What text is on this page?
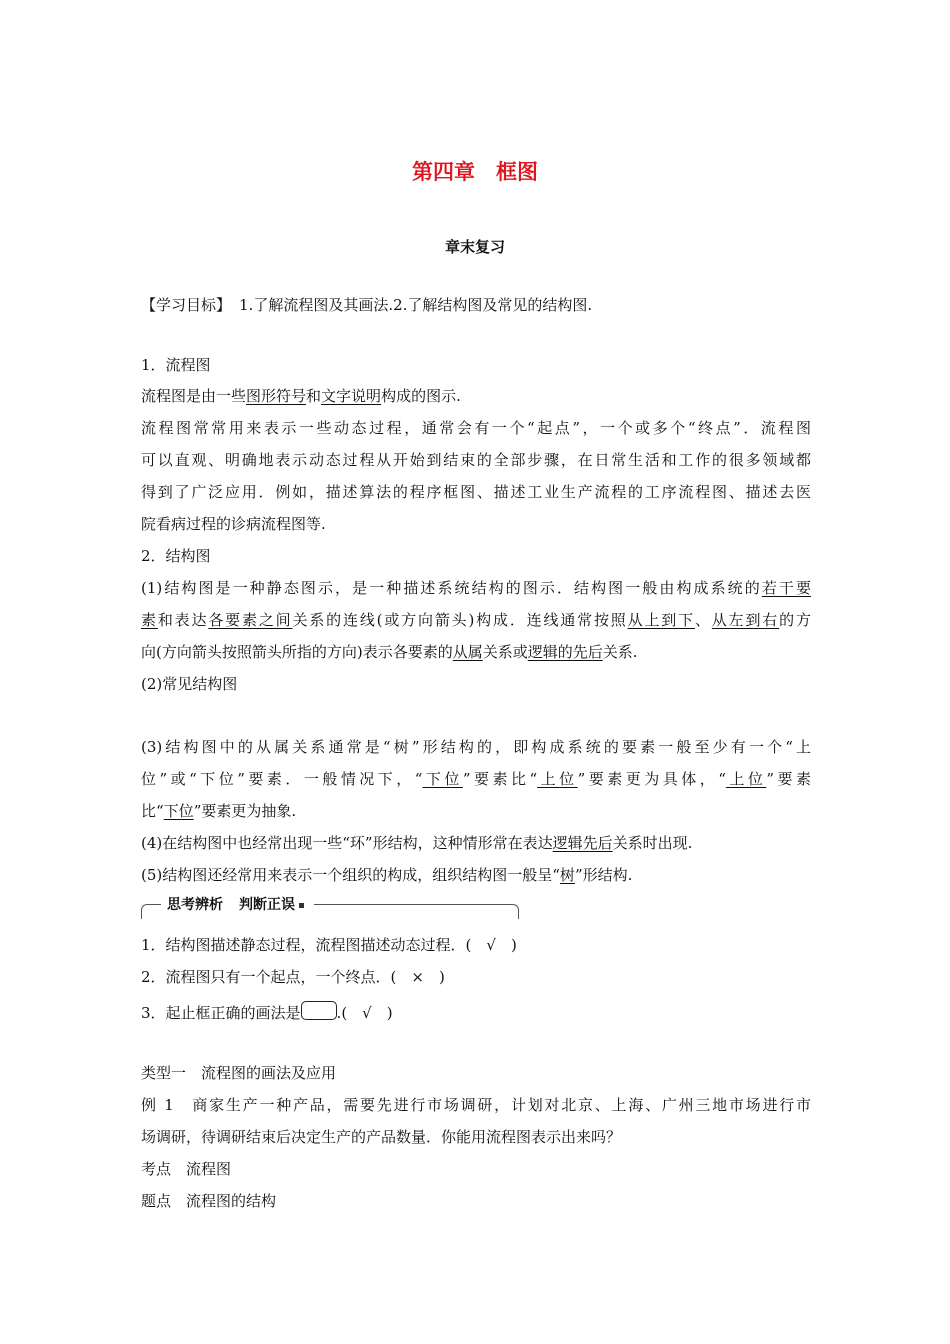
第四章　框图
章末复习
【学习目标】 1.了解流程图及其画法.2.了解结构图及常见的结构图.
1．流程图
流程图是由一些图形符号和文字说明构成的图示.
流程图常常用来表示一些动态过程，通常会有一个“起点”，一个或多个“终点”．流程图
可以直观、明确地表示动态过程从开始到结束的全部步骤，在日常生活和工作的很多领域都
得到了广泛应用．例如，描述算法的程序框图、描述工业生产流程的工序流程图、描述去医
院看病过程的诊病流程图等.
2．结构图
(1)结构图是一种静态图示，是一种描述系统结构的图示．结构图一般由构成系统的若干要
素和表达各要素之间关系的连线(或方向箭头)构成．连线通常按照从上到下、从左到右的方
向(方向箭头按照箭头所指的方向)表示各要素的从属关系或逻辑的先后关系.
(2)常见结构图
(3)结构图中的从属关系通常是“树”形结构的，即构成系统的要素一般至少有一个“上
位”或“下位”要素．一般情况下，“下位”要素比“上位”要素更为具体，“上位”要素
比“下位”要素更为抽象.
(4)在结构图中也经常出现一些“环”形结构，这种情形常在表达逻辑先后关系时出现.
(5)结构图还经常用来表示一个组织的构成，组织结构图一般呈“树”形结构.
思考辨析 判断正误
1．结构图描述静态过程，流程图描述动态过程．(　√　)
2．流程图只有一个起点，一个终点．(　×　)
3．起止框正确的画法是 .(　√　)
类型一　流程图的画法及应用
例 1　商家生产一种产品，需要先进行市场调研，计划对北京、上海、广州三地市场进行市
场调研，待调研结束后决定生产的产品数量．你能用流程图表示出来吗？
考点　流程图
题点　流程图的结构
